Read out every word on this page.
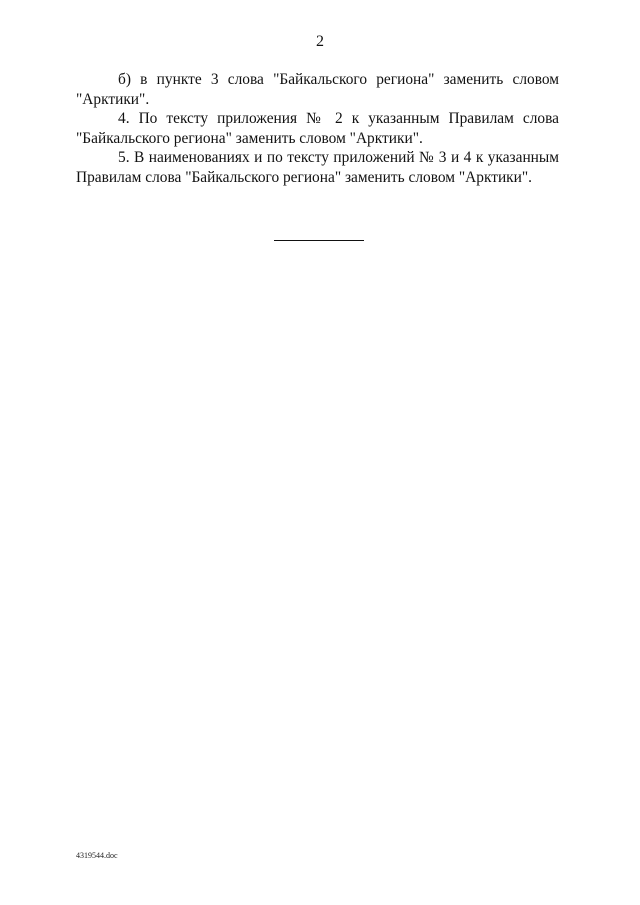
2

б) в пункте 3 слова "Байкальского региона" заменить словом "Арктики".

4. По тексту приложения № 2 к указанным Правилам слова "Байкальского региона" заменить словом "Арктики".

5. В наименованиях и по тексту приложений № 3 и 4 к указанным Правилам слова "Байкальского региона" заменить словом "Арктики".

4319544.doc
